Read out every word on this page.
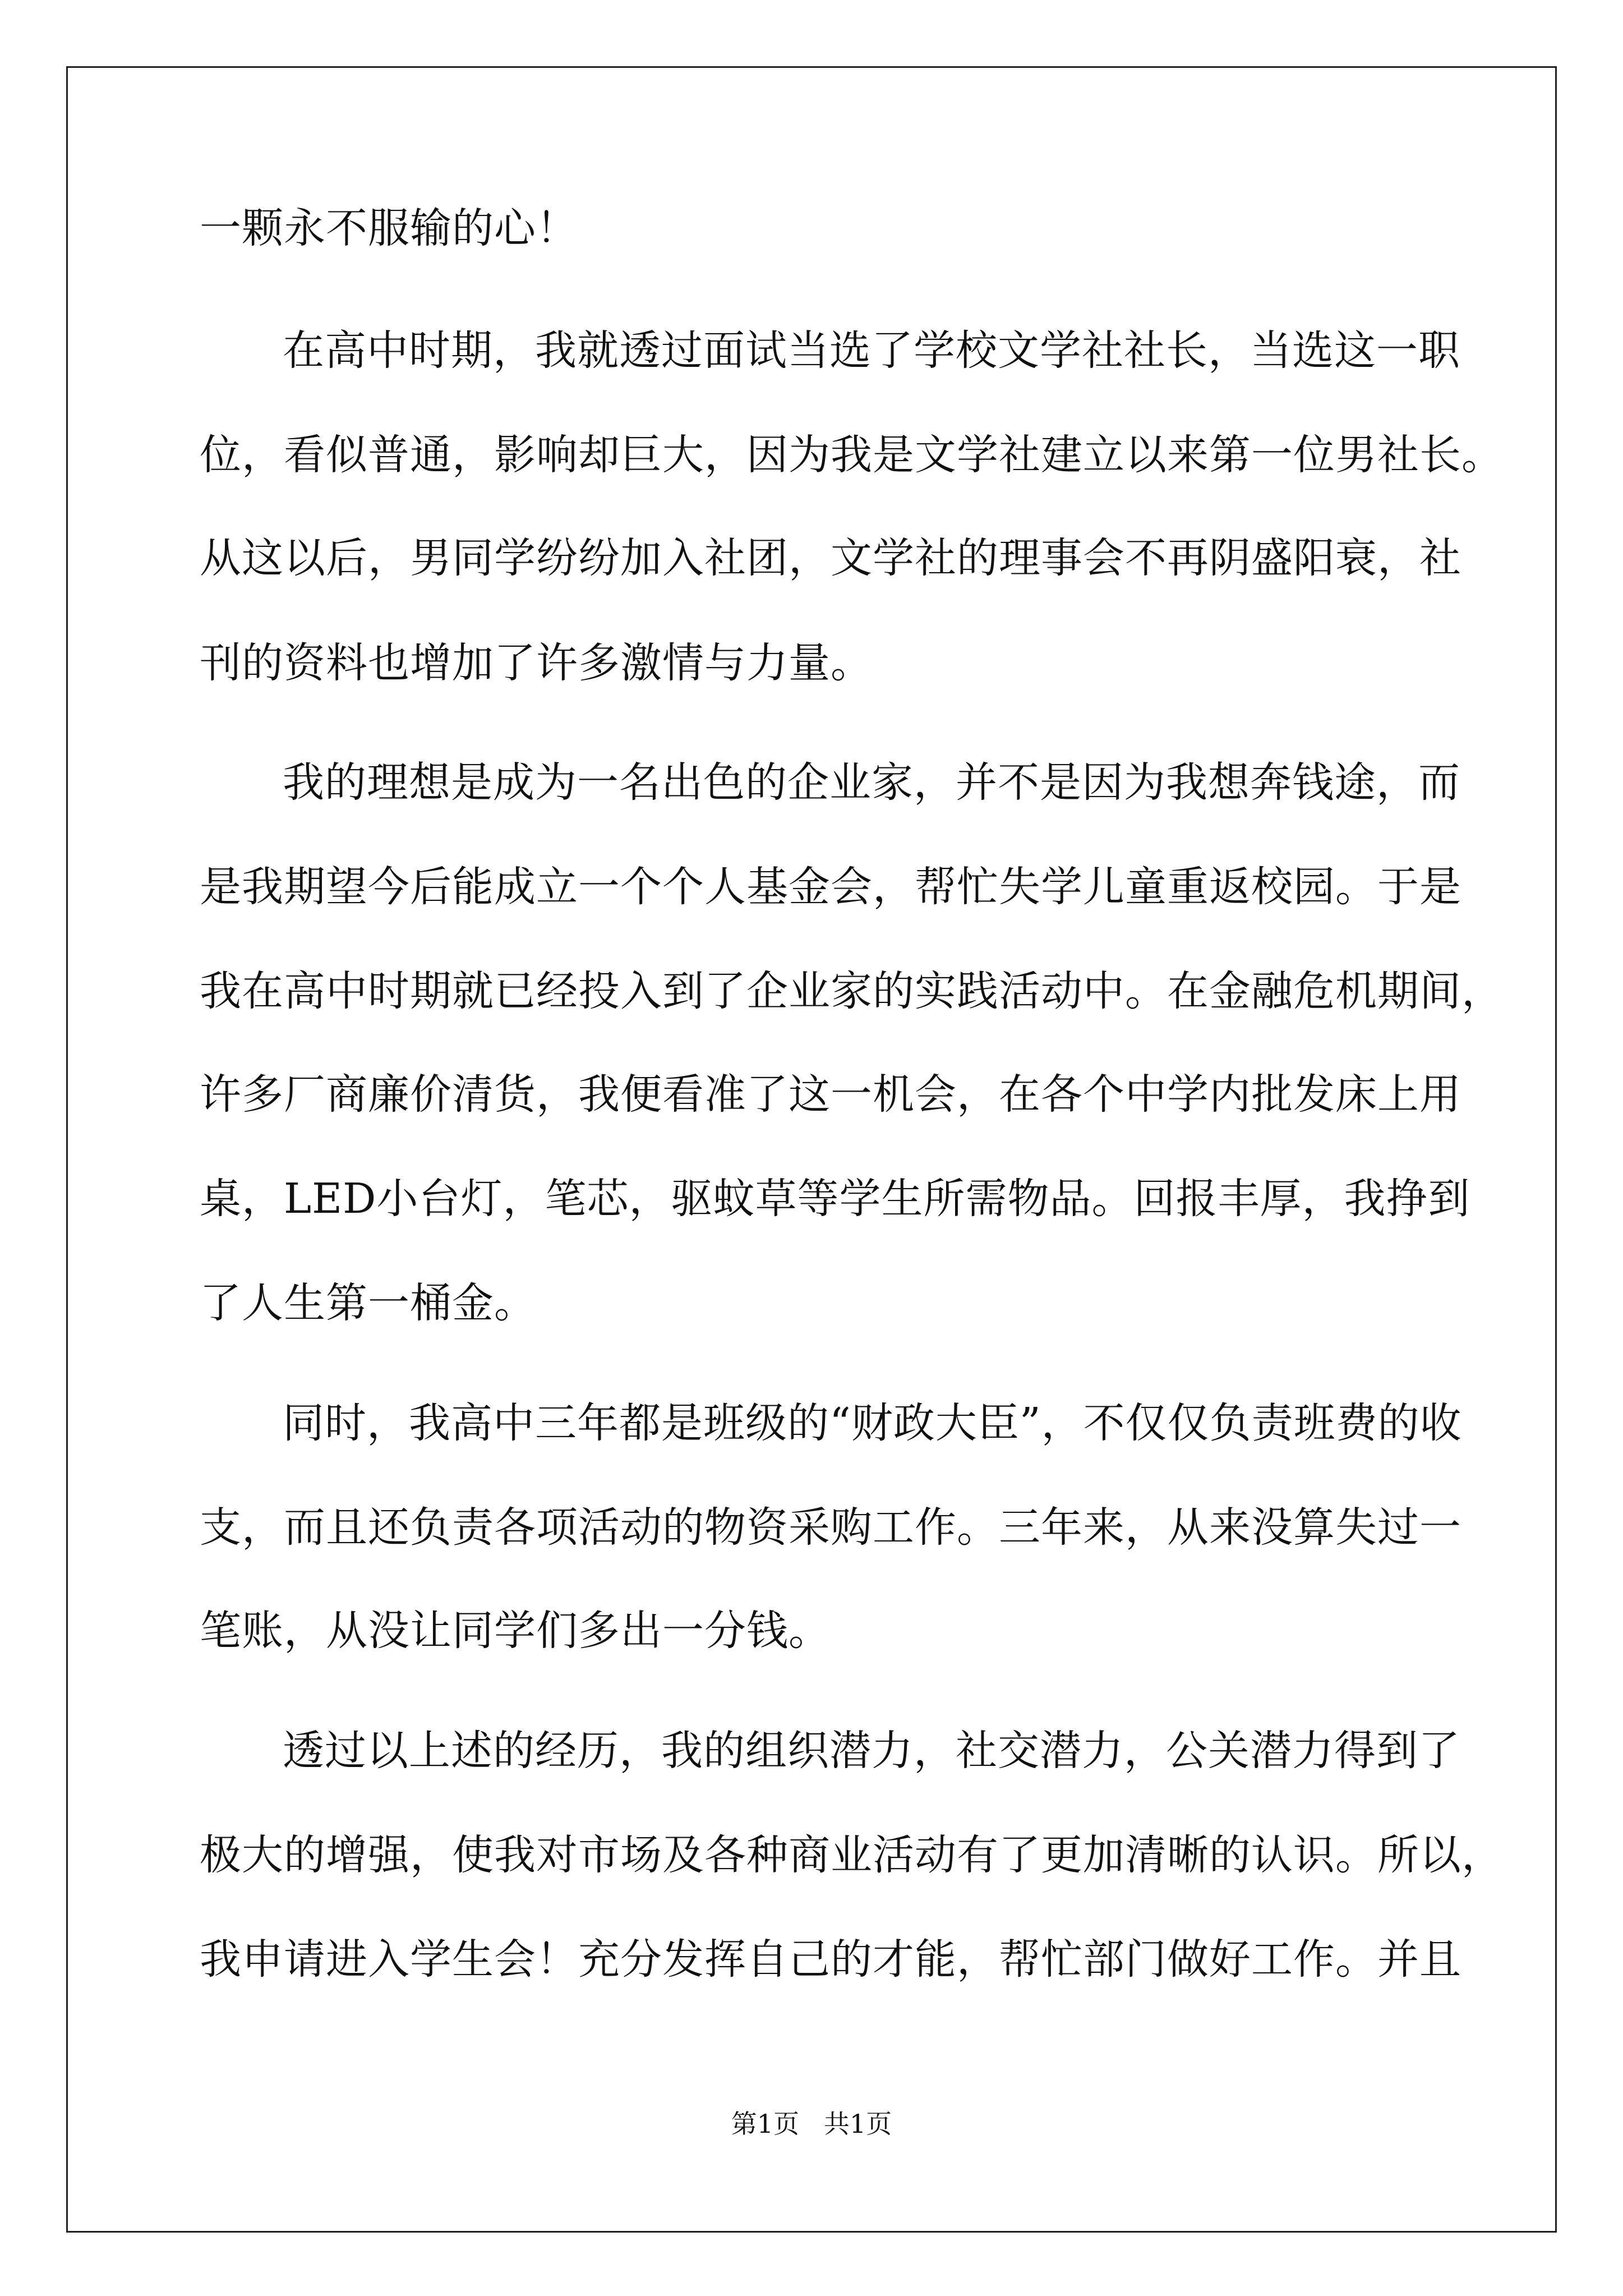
一颗永不服输的心！
在高中时期，我就透过面试当选了学校文学社社长，当选这一职
位，看似普通，影响却巨大，因为我是文学社建立以来第一位男社长。
从这以后，男同学纷纷加入社团，文学社的理事会不再阴盛阳衰，社
刊的资料也增加了许多激情与力量。
我的理想是成为一名出色的企业家，并不是因为我想奔钱途，而
是我期望今后能成立一个个人基金会，帮忙失学儿童重返校园。于是
我在高中时期就已经投入到了企业家的实践活动中。在金融危机期间，
许多厂商廉价清货，我便看准了这一机会，在各个中学内批发床上用
桌，LED小台灯，笔芯，驱蚊草等学生所需物品。回报丰厚，我挣到
了人生第一桶金。
同时，我高中三年都是班级的“财政大臣”，不仅仅负责班费的收
支，而且还负责各项活动的物资采购工作。三年来，从来没算失过一
笔账，从没让同学们多出一分钱。
透过以上述的经历，我的组织潜力，社交潜力，公关潜力得到了
极大的增强，使我对市场及各种商业活动有了更加清晰的认识。所以，
我申请进入学生会！充分发挥自己的才能，帮忙部门做好工作。并且
第1页   共1页
